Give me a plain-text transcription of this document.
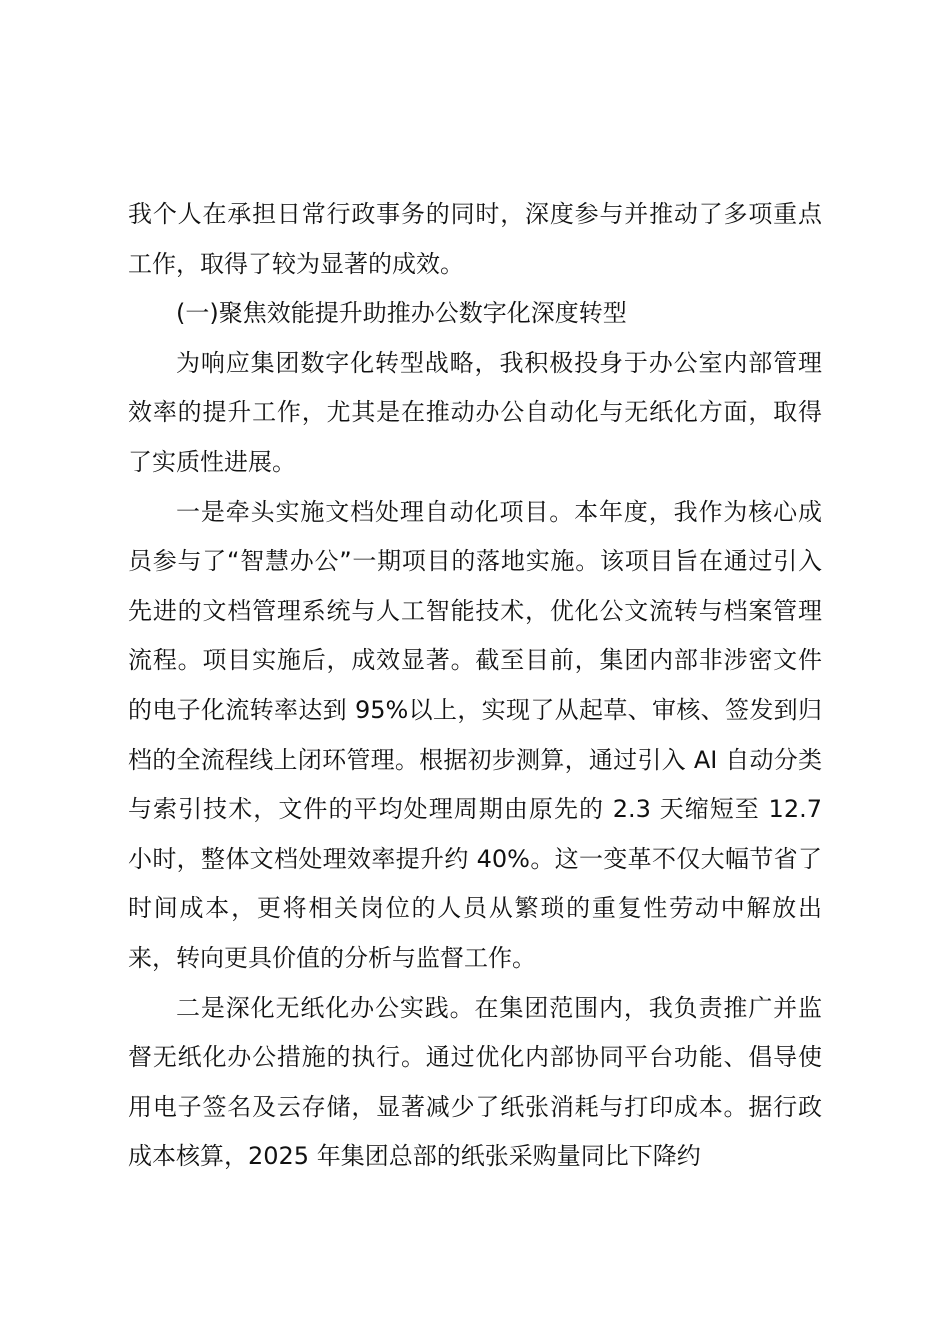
我个人在承担日常行政事务的同时，深度参与并推动了多项重点工作，取得了较为显著的成效。

(一)聚焦效能提升助推办公数字化深度转型

为响应集团数字化转型战略，我积极投身于办公室内部管理效率的提升工作，尤其是在推动办公自动化与无纸化方面，取得了实质性进展。

一是牵头实施文档处理自动化项目。本年度，我作为核心成员参与了“智慧办公”一期项目的落地实施。该项目旨在通过引入先进的文档管理系统与人工智能技术，优化公文流转与档案管理流程。项目实施后，成效显著。截至目前，集团内部非涉密文件的电子化流转率达到 95%以上，实现了从起草、审核、签发到归档的全流程线上闭环管理。根据初步测算，通过引入 AI 自动分类与索引技术，文件的平均处理周期由原先的 2.3 天缩短至 12.7 小时，整体文档处理效率提升约 40%。这一变革不仅大幅节省了时间成本，更将相关岗位的人员从繁琐的重复性劳动中解放出来，转向更具价值的分析与监督工作。

二是深化无纸化办公实践。在集团范围内，我负责推广并监督无纸化办公措施的执行。通过优化内部协同平台功能、倡导使用电子签名及云存储，显著减少了纸张消耗与打印成本。据行政成本核算，2025 年集团总部的纸张采购量同比下降约
